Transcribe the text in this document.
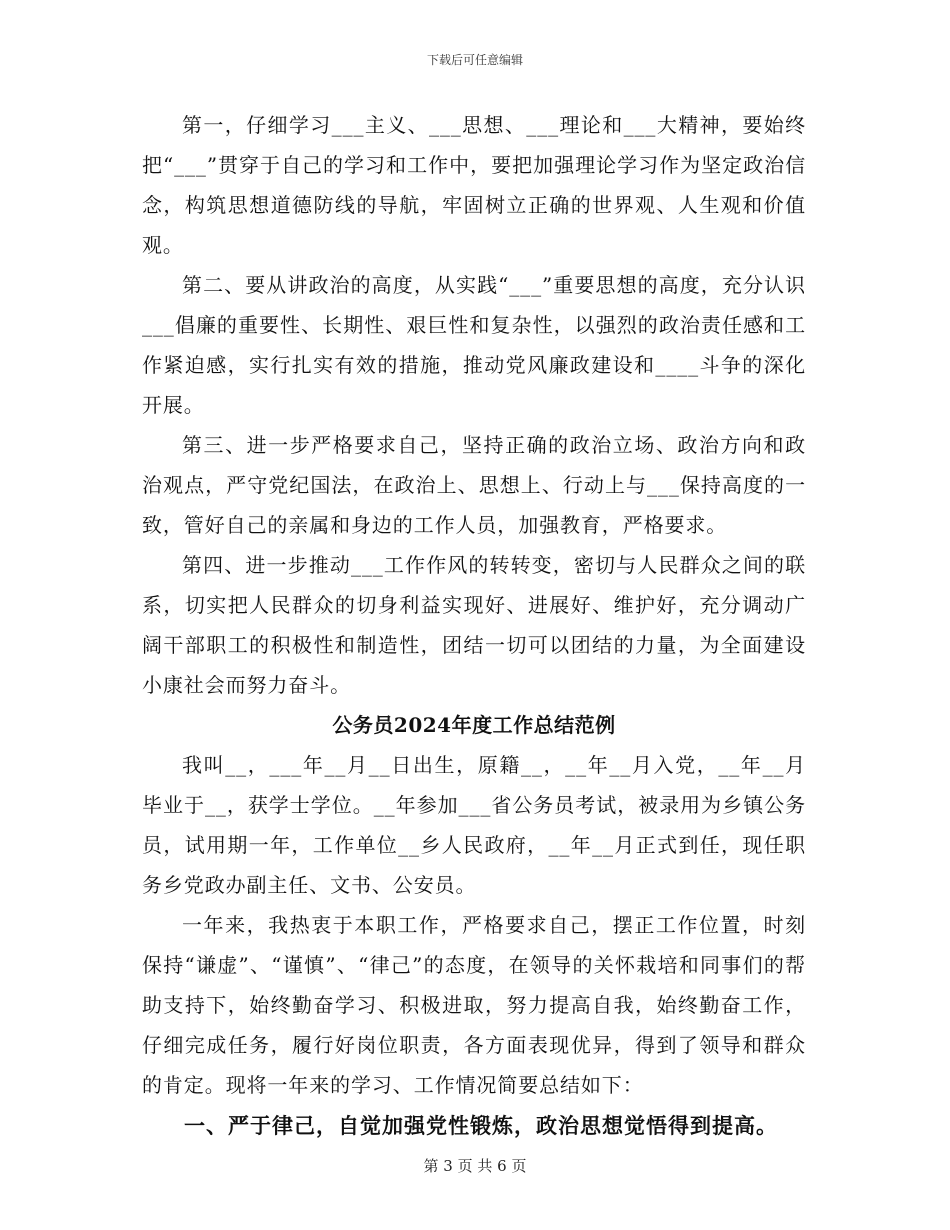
下载后可任意编辑

第一，仔细学习___主义、___思想、___理论和___大精神，要始终把“___”贯穿于自己的学习和工作中，要把加强理论学习作为坚定政治信念，构筑思想道德防线的导航，牢固树立正确的世界观、人生观和价值观。

第二、要从讲政治的高度，从实践“___”重要思想的高度，充分认识___倡廉的重要性、长期性、艰巨性和复杂性，以强烈的政治责任感和工作紧迫感，实行扎实有效的措施，推动党风廉政建设和____斗争的深化开展。

第三、进一步严格要求自己，坚持正确的政治立场、政治方向和政治观点，严守党纪国法，在政治上、思想上、行动上与___保持高度的一致，管好自己的亲属和身边的工作人员，加强教育，严格要求。

第四、进一步推动___工作作风的转转变，密切与人民群众之间的联系，切实把人民群众的切身利益实现好、进展好、维护好，充分调动广阔干部职工的积极性和制造性，团结一切可以团结的力量，为全面建设小康社会而努力奋斗。

公务员2024年度工作总结范例

我叫__，___年__月__日出生，原籍__，__年__月入党，__年__月毕业于__，获学士学位。__年参加___省公务员考试，被录用为乡镇公务员，试用期一年，工作单位__乡人民政府，__年__月正式到任，现任职务乡党政办副主任、文书、公安员。

一年来，我热衷于本职工作，严格要求自己，摆正工作位置，时刻保持“谦虚”、“谨慎”、“律己”的态度，在领导的关怀栽培和同事们的帮助支持下，始终勤奋学习、积极进取，努力提高自我，始终勤奋工作，仔细完成任务，履行好岗位职责，各方面表现优异，得到了领导和群众的肯定。现将一年来的学习、工作情况简要总结如下：

一、严于律己，自觉加强党性锻炼，政治思想觉悟得到提高。
第 3 页 共 6 页
